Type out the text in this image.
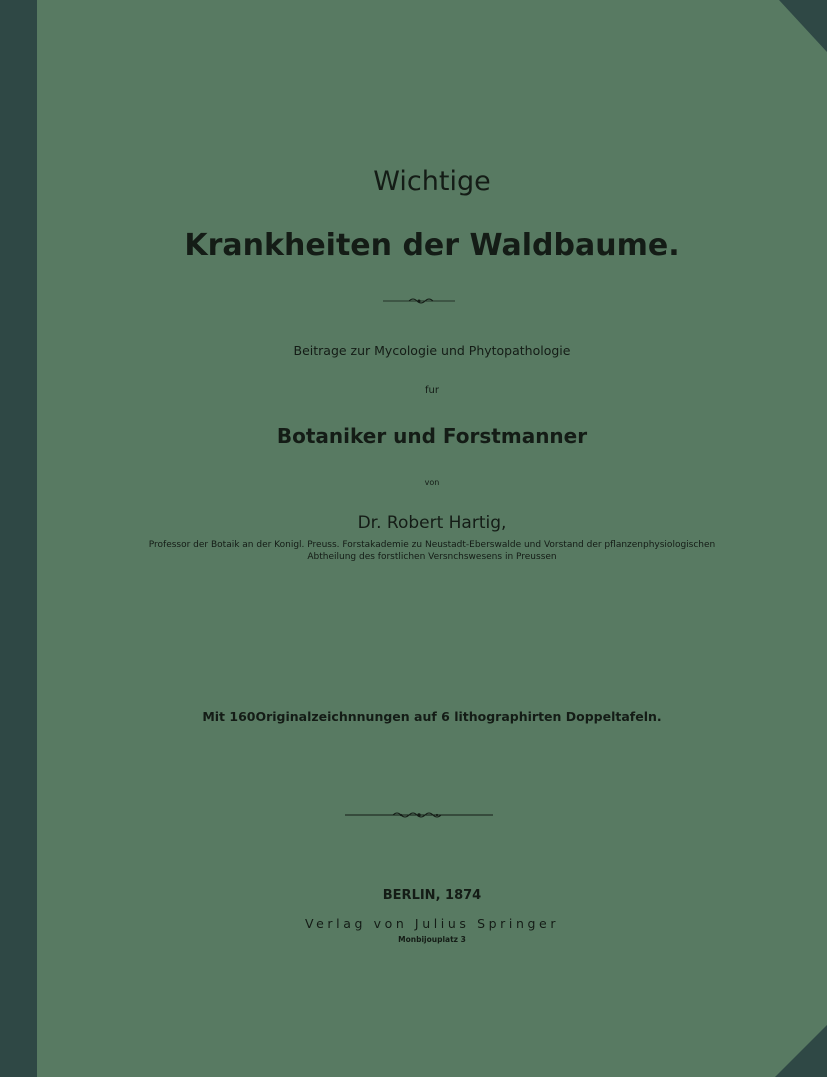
Wichtige
Krankheiten der Waldbaume.
Beitrage zur Mycologie und Phytopathologie
fur
Botaniker und Forstmanner
von
Dr. Robert Hartig,
Professor der Botaik an der Konigl. Preuss. Forstakademie zu Neustadt-Eberswalde und Vorstand der pflanzenphysiologischen
Abtheilung des forstlichen Versnchswesens in Preussen
Mit 160Originalzeichnnungen auf 6 lithographirten Doppeltafeln.
BERLIN, 1874
Verlag von Julius Springer
Monbijouplatz 3
